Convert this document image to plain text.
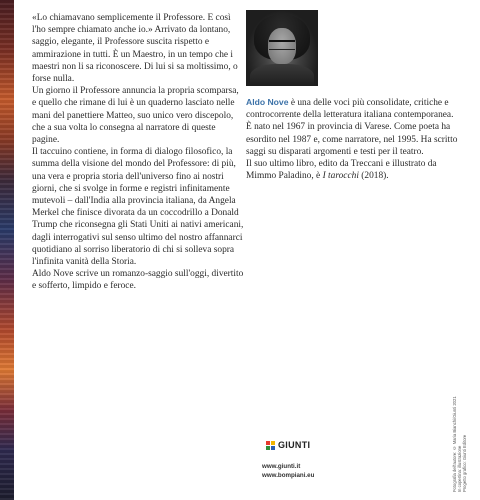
«Lo chiamavano semplicemente il Professore. E così l'ho sempre chiamato anche io.» Arrivato da lontano, saggio, elegante, il Professore suscita rispetto e ammirazione in tutti. È un Maestro, in un tempo che i maestri non li sa riconoscere. Di lui si sa moltissimo, o forse nulla.

Un giorno il Professore annuncia la propria scomparsa, e quello che rimane di lui è un quaderno lasciato nelle mani del panettiere Matteo, suo unico vero discepolo, che a sua volta lo consegna al narratore di queste pagine.

Il taccuino contiene, in forma di dialogo filosofico, la summa della visione del mondo del Professore: di più, una vera e propria storia dell'universo fino ai nostri giorni, che si svolge in forme e registri infinitamente mutevoli – dall'India alla provincia italiana, da Angela Merkel che finisce divorata da un coccodrillo a Donald Trump che riconsegna gli Stati Uniti ai nativi americani, dagli interrogativi sul senso ultimo del nostro affannarci quotidiano al sorriso liberatorio di chi si solleva sopra l'infinita vanità della Storia.

Aldo Nove scrive un romanzo-saggio sull'oggi, divertito e sofferto, limpido e feroce.

Aldo Nove è una delle voci più consolidate, critiche e controcorrente della letteratura italiana contemporanea. È nato nel 1967 in provincia di Varese. Come poeta ha esordito nel 1987 e, come narratore, nel 1995. Ha scritto saggi su disparati argomenti e testi per il teatro.

Il suo ultimo libro, edito da Treccani e illustrato da Mimmo Paladino, è I tarocchi (2018).

Fotografia dell'autore: © Maria Bianchi/Giunti 2021 In copertina: illustrazione Progetto grafico: Giunti Editore
GIUNTI
www.giunti.it
www.bompiani.eu
